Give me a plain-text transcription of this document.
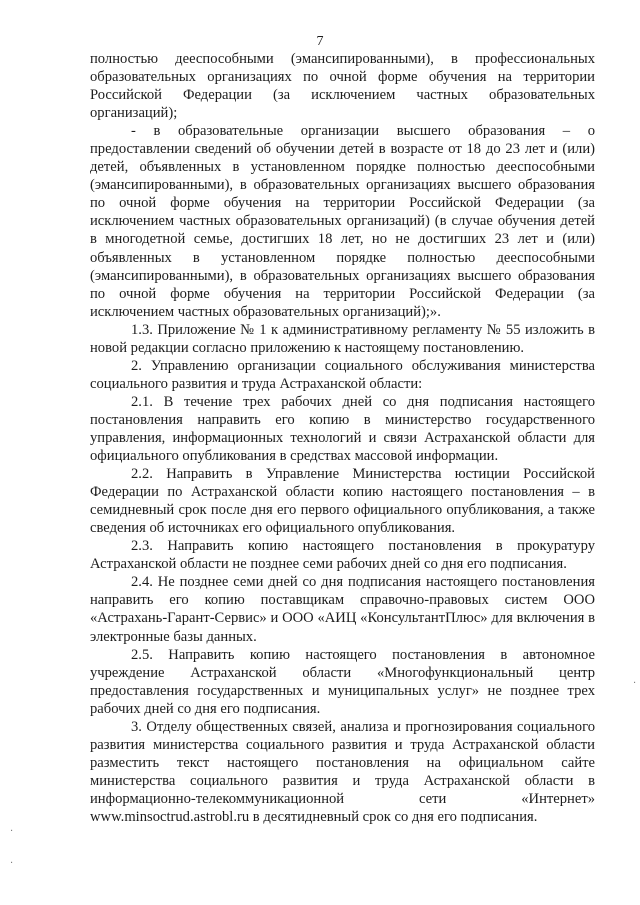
7

полностью дееспособными (эмансипированными), в профессиональных образовательных организациях по очной форме обучения на территории Российской Федерации (за исключением частных образовательных организаций);

- в образовательные организации высшего образования – о предоставлении сведений об обучении детей в возрасте от 18 до 23 лет и (или) детей, объявленных в установленном порядке полностью дееспособными (эмансипированными), в образовательных организациях высшего образования по очной форме обучения на территории Российской Федерации (за исключением частных образовательных организаций) (в случае обучения детей в многодетной семье, достигших 18 лет, но не достигших 23 лет и (или) объявленных в установленном порядке полностью дееспособными (эмансипированными), в образовательных организациях высшего образования по очной форме обучения на территории Российской Федерации (за исключением частных образовательных организаций);».

1.3. Приложение № 1 к административному регламенту № 55 изложить в новой редакции согласно приложению к настоящему постановлению.

2. Управлению организации социального обслуживания министерства социального развития и труда Астраханской области:

2.1. В течение трех рабочих дней со дня подписания настоящего постановления направить его копию в министерство государственного управления, информационных технологий и связи Астраханской области для официального опубликования в средствах массовой информации.

2.2. Направить в Управление Министерства юстиции Российской Федерации по Астраханской области копию настоящего постановления – в семидневный срок после дня его первого официального опубликования, а также сведения об источниках его официального опубликования.

2.3. Направить копию настоящего постановления в прокуратуру Астраханской области не позднее семи рабочих дней со дня его подписания.

2.4. Не позднее семи дней со дня подписания настоящего постановления направить его копию поставщикам справочно-правовых систем ООО «Астрахань-Гарант-Сервис» и ООО «АИЦ «КонсультантПлюс» для включения в электронные базы данных.

2.5. Направить копию настоящего постановления в автономное учреждение Астраханской области «Многофункциональный центр предоставления государственных и муниципальных услуг» не позднее трех рабочих дней со дня его подписания.

3. Отделу общественных связей, анализа и прогнозирования социального развития министерства социального развития и труда Астраханской области разместить текст настоящего постановления на официальном сайте министерства социального развития и труда Астраханской области в информационно-телекоммуникационной сети «Интернет» www.minsoctrud.astrobl.ru в десятидневный срок со дня его подписания.

·
·
·
